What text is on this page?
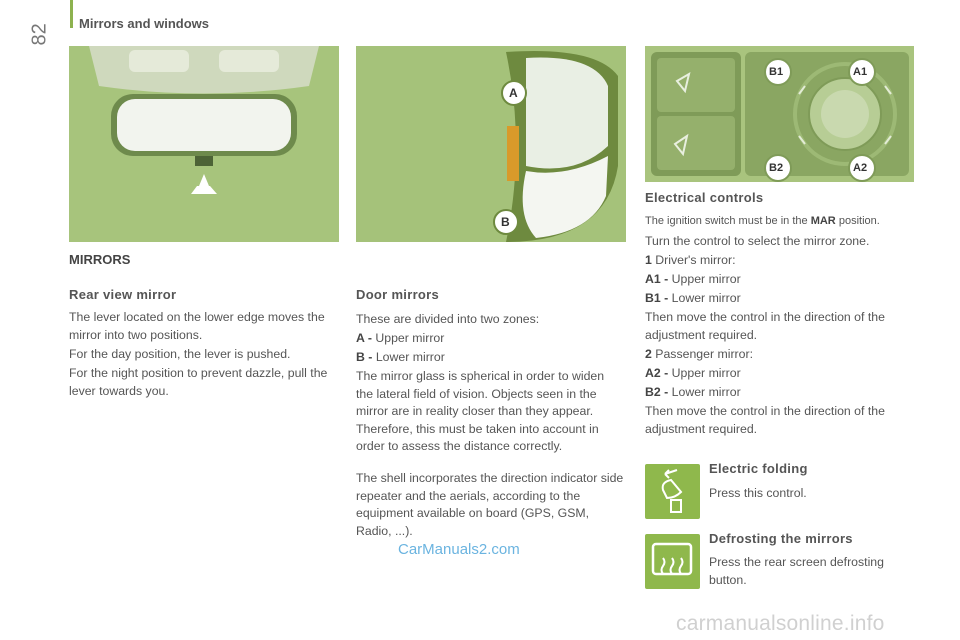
82 Mirrors and windows
A
B
B1	A1
B2	A2
MIRRORS
Rear view mirror
The lever located on the lower edge moves the mirror into two positions.
For the day position, the lever is pushed.
For the night position to prevent dazzle, pull the lever towards you.
Door mirrors
These are divided into two zones:
A - Upper mirror
B - Lower mirror
The mirror glass is spherical in order to widen the lateral field of vision. Objects seen in the mirror are in reality closer than they appear. Therefore, this must be taken into account in order to assess the distance correctly.
The shell incorporates the direction indicator side repeater and the aerials, according to the equipment available on board (GPS, GSM, Radio, ...).
CarManuals2.com
Electrical controls
The ignition switch must be in the MAR position.
Turn the control to select the mirror zone.
1 Driver's mirror:
A1 - Upper mirror
B1 - Lower mirror
Then move the control in the direction of the adjustment required.
2 Passenger mirror:
A2 - Upper mirror
B2 - Lower mirror
Then move the control in the direction of the adjustment required.
Electric folding
Press this control.
Defrosting the mirrors
Press the rear screen defrosting button.
carmanualsonline.info
